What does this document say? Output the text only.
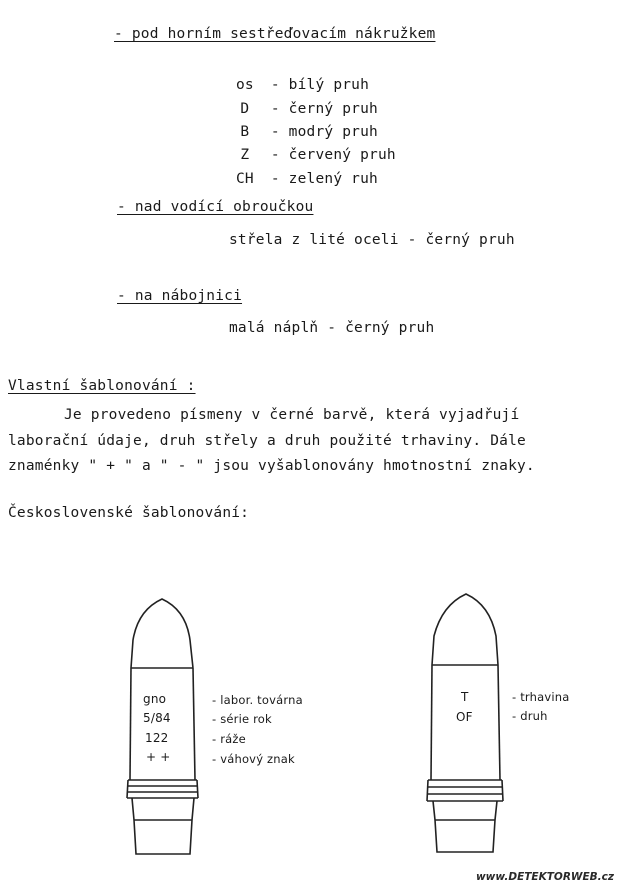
- pod horním sestřeďovacím nákružkem

os - bílý pruh

D - černý pruh

B - modrý pruh

Z - červený pruh

CH - zelený ruh

- nad vodící obroučkou
střela z lité oceli - černý pruh
- na nábojnici
malá náplň - černý pruh
Vlastní šablonování :
Je provedeno písmeny v černé barvě, která vyjadřují
laborační údaje, druh střely a druh použité trhaviny. Dále
znaménky " + " a " - " jsou vyšablonovány hmotnostní znaky.
Československé šablonování:
gno
5/84
122
+ +
- labor. továrna
- série rok
- ráže
- váhový znak
T
OF
- trhavina
- druh
www.DETEKTORWEB.cz
